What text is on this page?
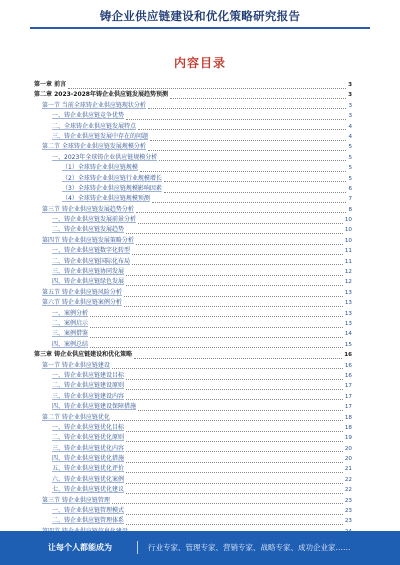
铸企业供应链建设和优化策略研究报告
内容目录
第一章 前言	3
第二章 2023-2028年铸企业供应链发展趋势预测	3
第一节 当前全球铸企业供应链现状分析	3
一、铸企业供应链竞争优势	3
二、全球铸企业供应链发展特点	4
三、铸企业供应链发展中存在的问题	4
第二节 全球铸企业供应链发展规模分析	5
一、2023年全球铸企业供应链规模分析	5
（1）全球铸企业供应链规模	5
（2）全球铸企业供应链行业规模增长	5
（3）全球铸企业供应链规模影响因素	6
（4）全球铸企业供应链规模预测	7
第三节 铸企业供应链发展趋势分析	8
一、铸企业供应链发展前景分析	10
二、铸企业供应链发展趋势	10
第四节 铸企业供应链发展策略分析	10
一、铸企业供应链数字化转型	11
二、铸企业供应链国际化布局	11
三、铸企业供应链协同发展	12
四、铸企业供应链绿色发展	12
第五节 铸企业供应链风险分析	13
第六节 铸企业供应链案例分析	13
一、案例分析	13
二、案例启示	13
三、案例借鉴	14
四、案例总结	15
第三章 铸企业供应链建设和优化策略	16
第一节 铸企业供应链建设	16
一、铸企业供应链建设目标	16
二、铸企业供应链建设原则	17
三、铸企业供应链建设内容	17
四、铸企业供应链建设保障措施	17
第二节 铸企业供应链优化	18
一、铸企业供应链优化目标	18
二、铸企业供应链优化原则	19
三、铸企业供应链优化内容	20
四、铸企业供应链优化措施	20
五、铸企业供应链优化评价	21
六、铸企业供应链优化案例	22
七、铸企业供应链优化建议	22
第三节 铸企业供应链管理	23
一、铸企业供应链管理模式	23
二、铸企业供应链管理体系	23
让每个人都能成为	行业专家、管理专家、营销专家、战略专家、成功企业家……
